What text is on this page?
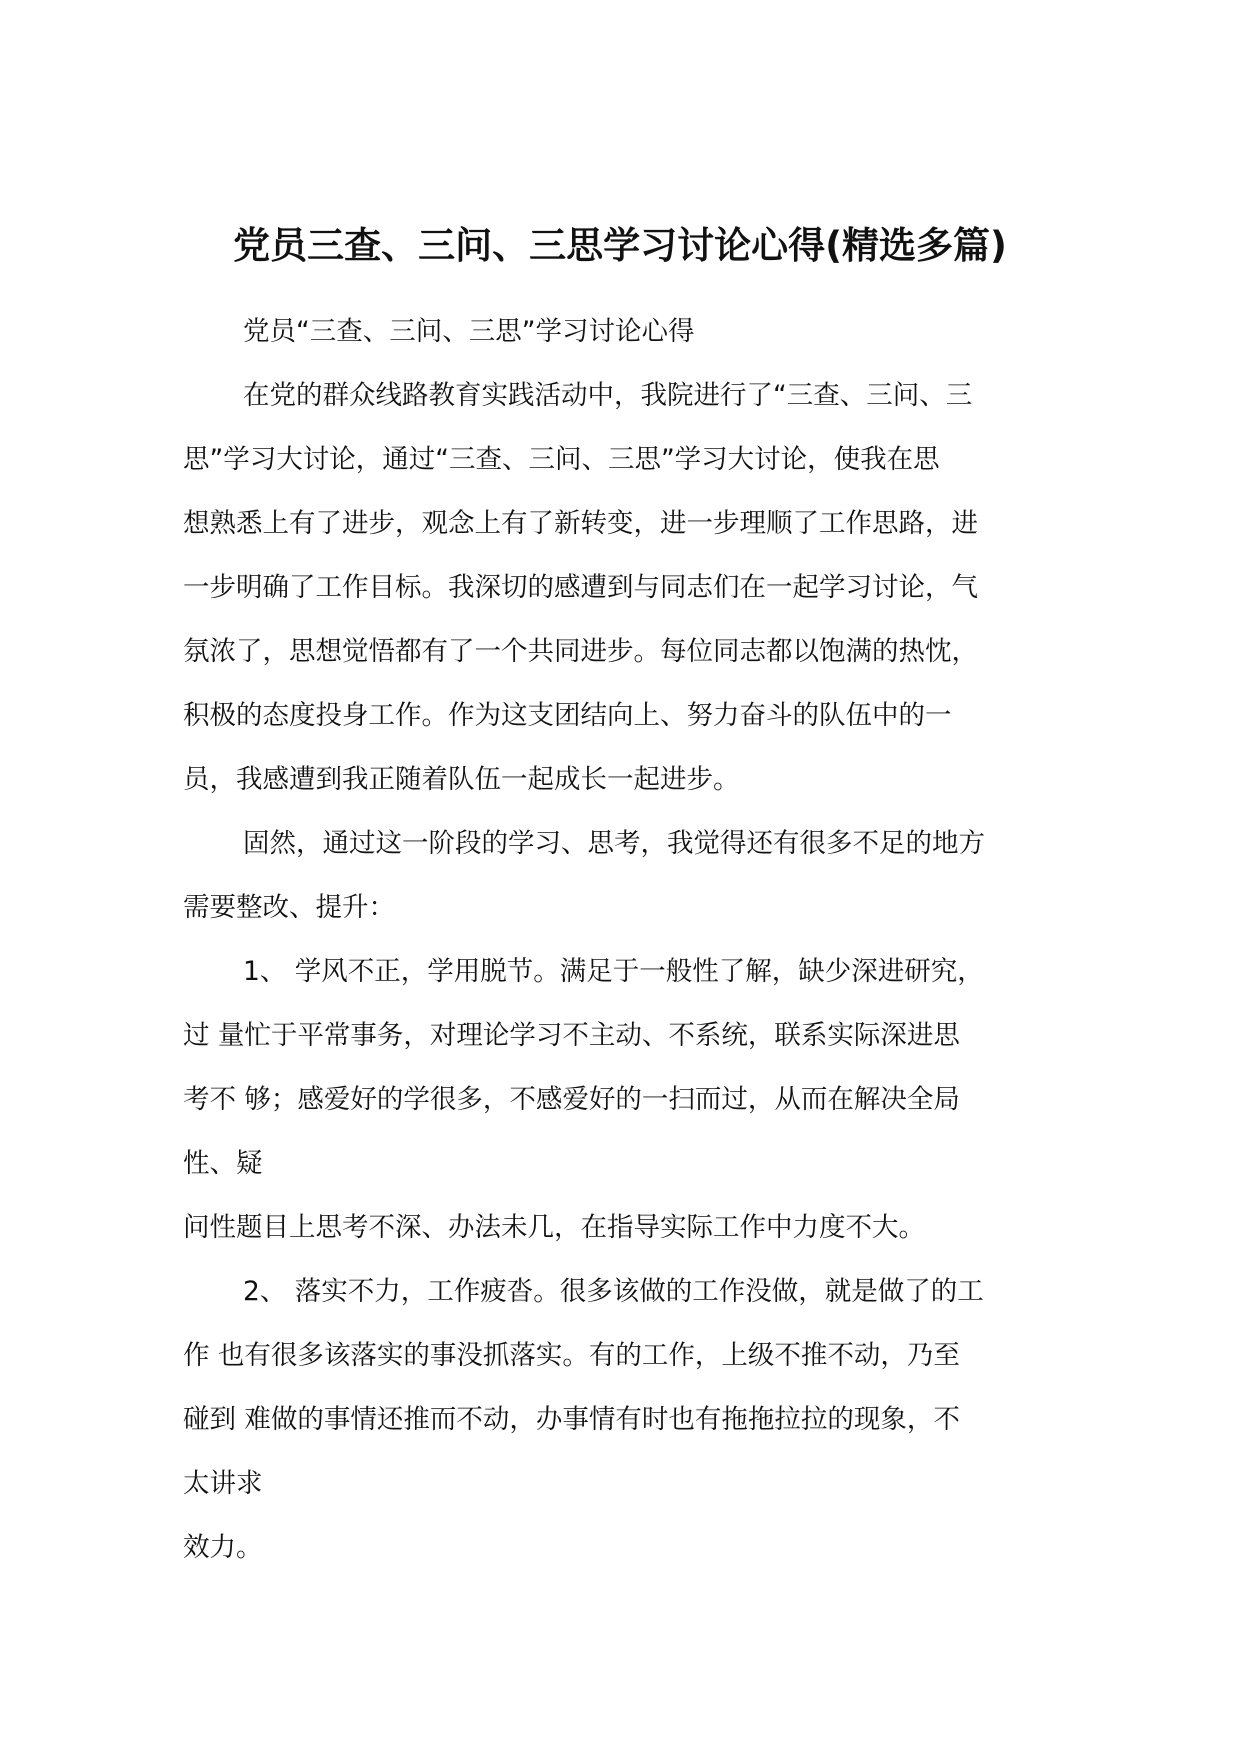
党员三查、三问、三思学习讨论心得(精选多篇)
党员“三查、三问、三思”学习讨论心得
在党的群众线路教育实践活动中，我院进行了“三查、三问、三
思”学习大讨论，通过“三查、三问、三思”学习大讨论，使我在思
想熟悉上有了进步，观念上有了新转变，进一步理顺了工作思路，进
一步明确了工作目标。我深切的感遭到与同志们在一起学习讨论，气
氛浓了，思想觉悟都有了一个共同进步。每位同志都以饱满的热忱，
积极的态度投身工作。作为这支团结向上、努力奋斗的队伍中的一
员，我感遭到我正随着队伍一起成长一起进步。
固然，通过这一阶段的学习、思考，我觉得还有很多不足的地方
需要整改、提升：
1、 学风不正，学用脱节。满足于一般性了解，缺少深进研究，
过 量忙于平常事务，对理论学习不主动、不系统，联系实际深进思
考不 够；感爱好的学很多，不感爱好的一扫而过，从而在解决全局
性、疑
问性题目上思考不深、办法未几，在指导实际工作中力度不大。
2、 落实不力，工作疲沓。很多该做的工作没做，就是做了的工
作 也有很多该落实的事没抓落实。有的工作，上级不推不动，乃至
碰到 难做的事情还推而不动，办事情有时也有拖拖拉拉的现象，不
太讲求
效力。
